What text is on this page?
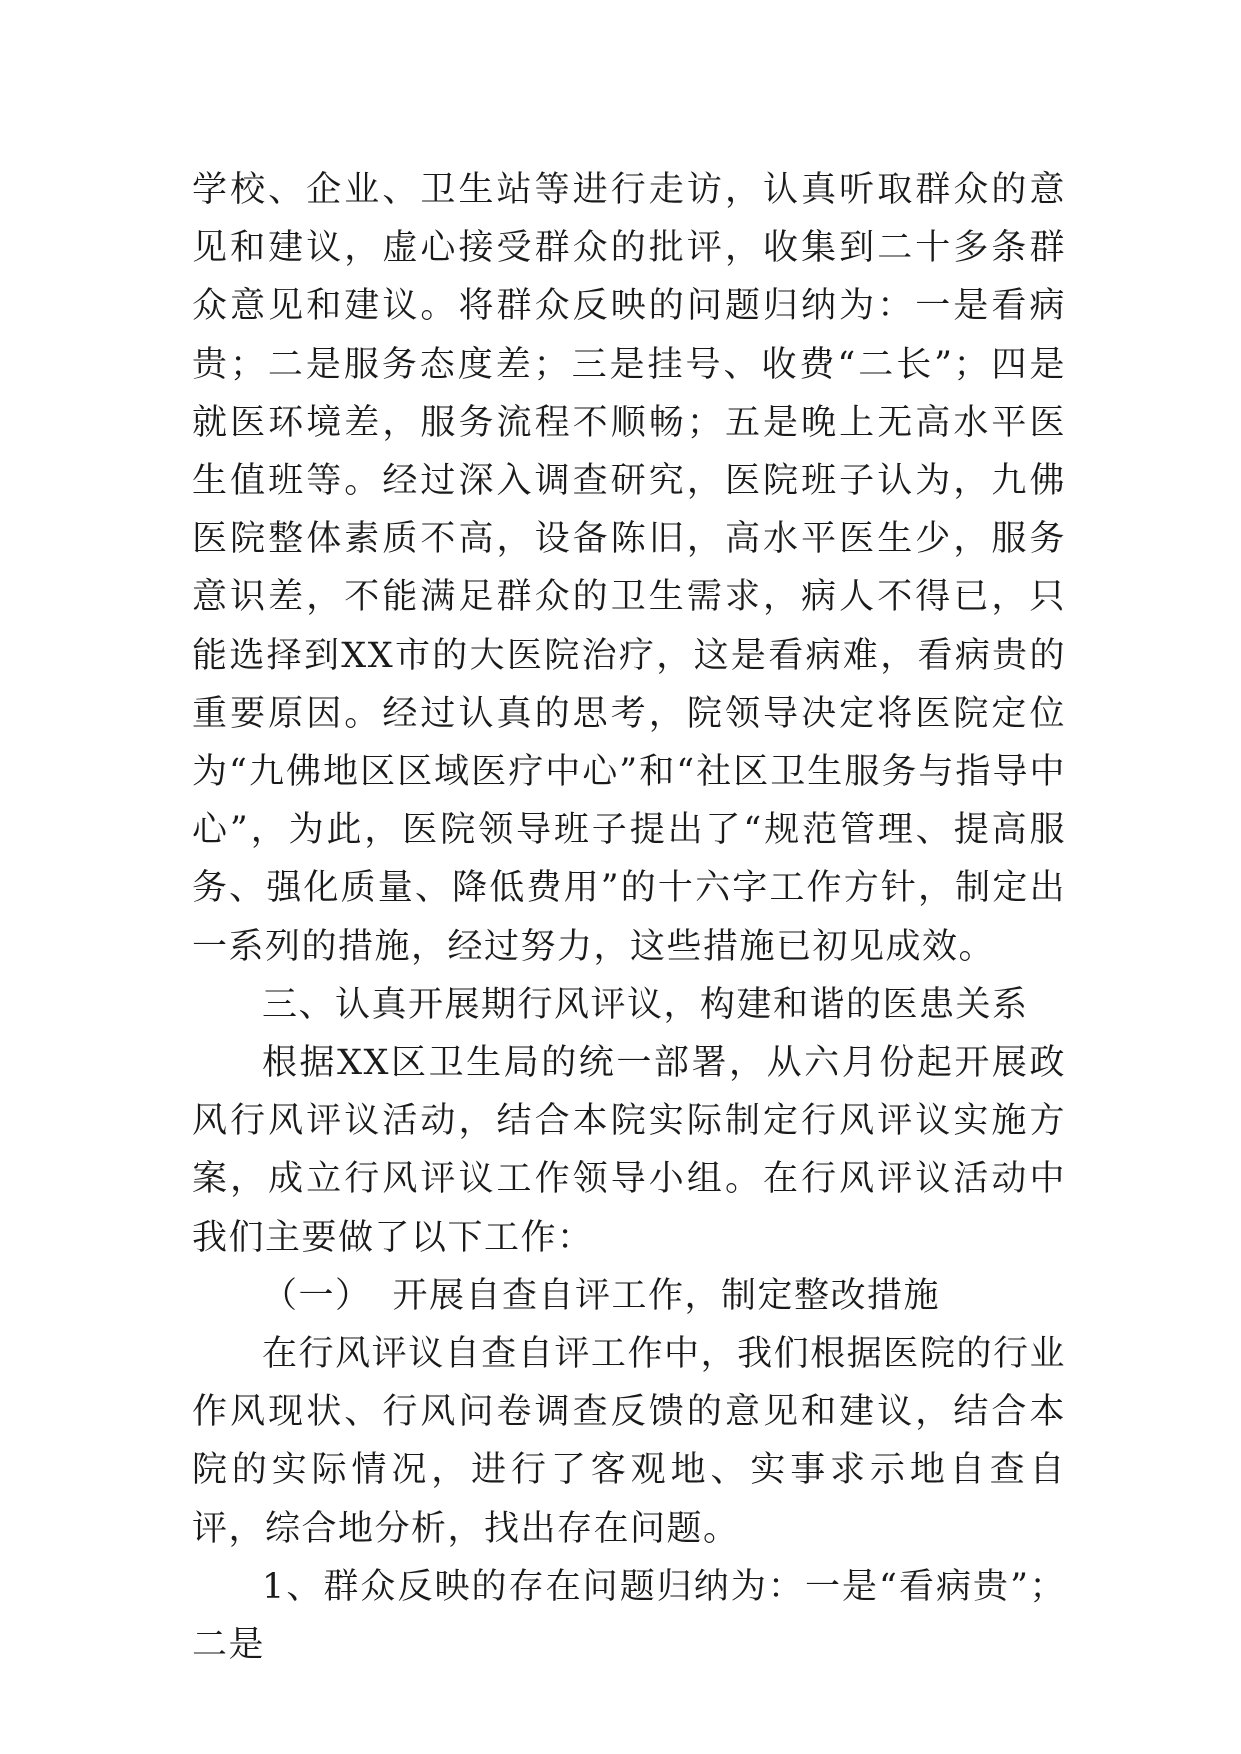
学校、企业、卫生站等进行走访，认真听取群众的意见和建议，虚心接受群众的批评，收集到二十多条群众意见和建议。将群众反映的问题归纳为：一是看病贵；二是服务态度差；三是挂号、收费“二长”；四是就医环境差，服务流程不顺畅；五是晚上无高水平医生值班等。经过深入调查研究，医院班子认为，九佛医院整体素质不高，设备陈旧，高水平医生少，服务意识差，不能满足群众的卫生需求，病人不得已，只能选择到XX市的大医院治疗，这是看病难，看病贵的重要原因。经过认真的思考，院领导决定将医院定位为“九佛地区区域医疗中心”和“社区卫生服务与指导中心”，为此，医院领导班子提出了“规范管理、提高服务、强化质量、降低费用”的十六字工作方针，制定出一系列的措施，经过努力，这些措施已初见成效。

三、认真开展期行风评议，构建和谐的医患关系

根据XX区卫生局的统一部署，从六月份起开展政风行风评议活动，结合本院实际制定行风评议实施方案，成立行风评议工作领导小组。在行风评议活动中我们主要做了以下工作：

（一） 开展自查自评工作，制定整改措施

在行风评议自查自评工作中，我们根据医院的行业作风现状、行风问卷调查反馈的意见和建议，结合本院的实际情况，进行了客观地、实事求示地自查自评，综合地分析，找出存在问题。

1、群众反映的存在问题归纳为：一是“看病贵”；二是
